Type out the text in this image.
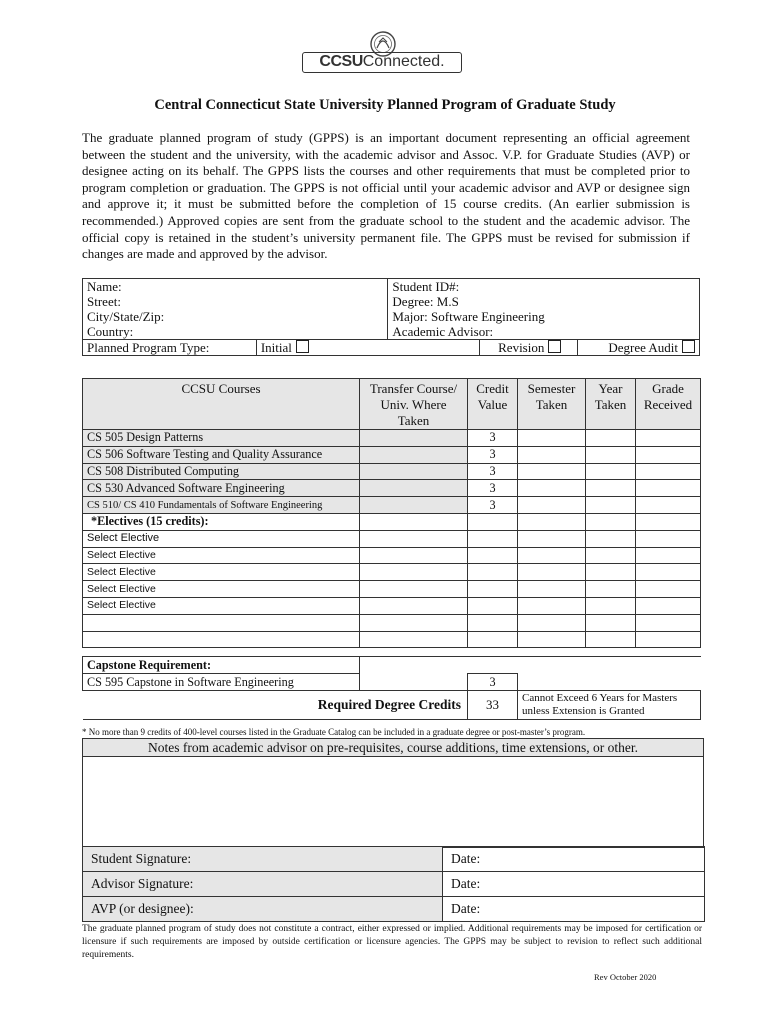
CCSUConnected.
Central Connecticut State University Planned Program of Graduate Study

The graduate planned program of study (GPPS) is an important document representing an official agreement between the student and the university, with the academic advisor and Assoc. V.P. for Graduate Studies (AVP) or designee acting on its behalf. The GPPS lists the courses and other requirements that must be completed prior to program completion or graduation. The GPPS is not official until your academic advisor and AVP or designee sign and approve it; it must be submitted before the completion of 15 course credits. (An earlier submission is recommended.) Approved copies are sent from the graduate school to the student and the academic advisor. The official copy is retained in the student’s university permanent file. The GPPS must be revised for submission if changes are made and approved by the advisor.

Name:		Student ID#:		
Street:		Degree: M.S		
City/State/Zip:		Major: Software Engineering		
Country:		Academic Advisor:		
Planned Program Type:	Initial		Revision	Degree Audit
CCSU Courses	Transfer Course/ Univ. Where Taken	Credit Value	Semester Taken	Year Taken	Grade Received
CS 505 Design Patterns		3			
CS 506 Software Testing and Quality Assurance		3			
CS 508 Distributed Computing		3			
CS 530 Advanced Software Engineering		3			
CS 510/ CS 410 Fundamentals of Software Engineering		3			
*Electives (15 credits):					
Select Elective					
Select Elective					
Select Elective					
Select Elective					
Select Elective					

Capstone Requirement:					
CS 595 Capstone in Software Engineering		3			
Required Degree Credits		33	Cannot Exceed 6 Years for Masters unless Extension is Granted		
* No more than 9 credits of 400-level courses listed in the Graduate Catalog can be included in a graduate degree or post-master’s program.
Notes from academic advisor on pre-requisites, course additions, time extensions, or other.
Student Signature:	Date:
Advisor Signature:	Date:
AVP (or designee):	Date:

The graduate planned program of study does not constitute a contract, either expressed or implied. Additional requirements may be imposed for certification or licensure if such requirements are imposed by outside certification or licensure agencies. The GPPS may be subject to revision to reflect such additional requirements.

Rev October 2020
